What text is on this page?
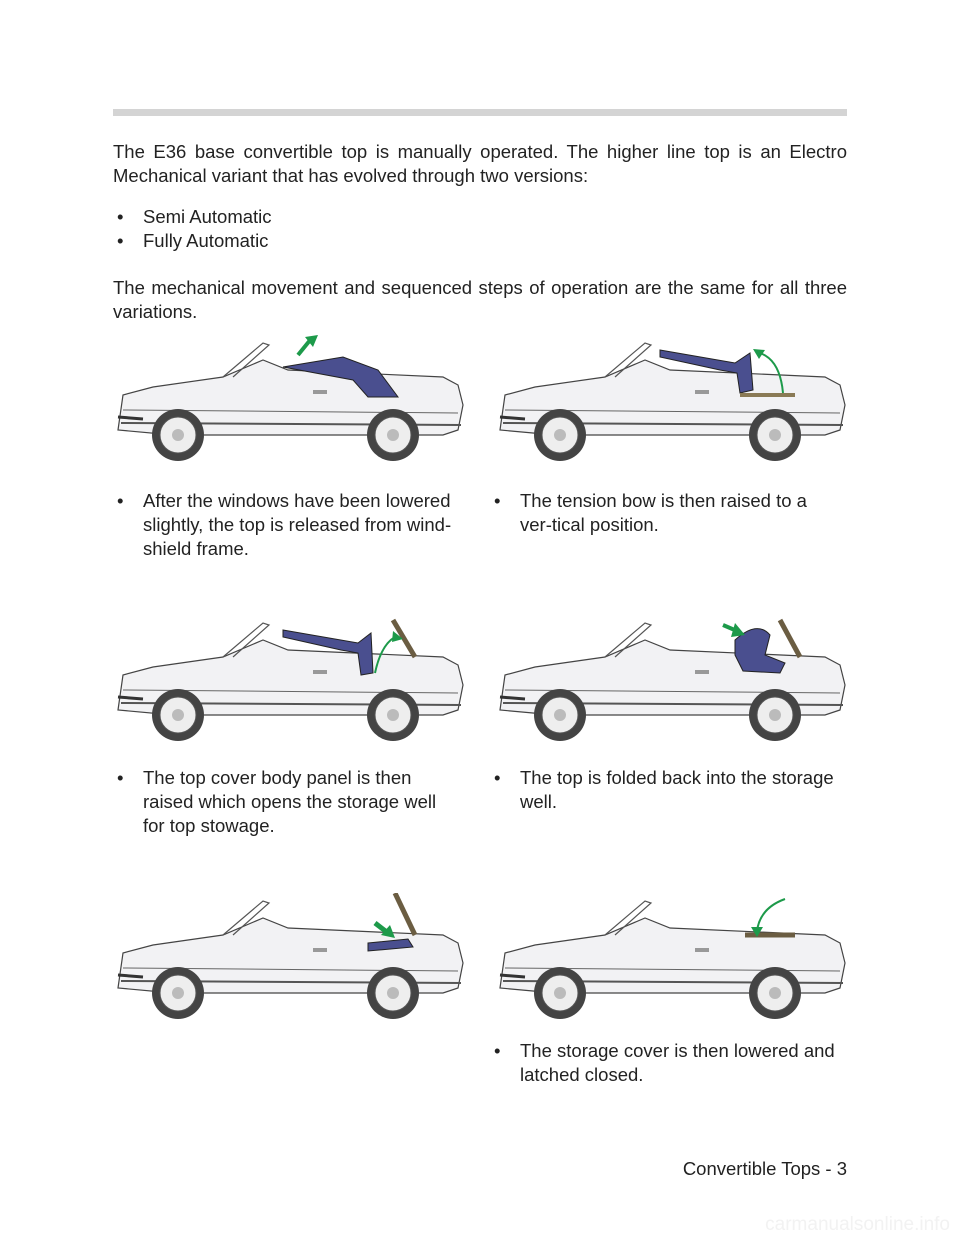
The E36 base convertible top is manually operated. The higher line top is an Electro Mechanical variant that has evolved through two versions:

• Semi Automatic
• Fully Automatic

The mechanical movement and sequenced steps of operation are the same for all three variations.

• After the windows have been lowered slightly, the top is released from wind-shield frame.

• The tension bow is then raised to a ver-tical position.

• The top cover body panel is then raised which opens the storage well for top stowage.

• The top is folded back into the storage well.

• The storage cover is then lowered and latched closed.

Convertible Tops - 3
carmanualsonline.info
